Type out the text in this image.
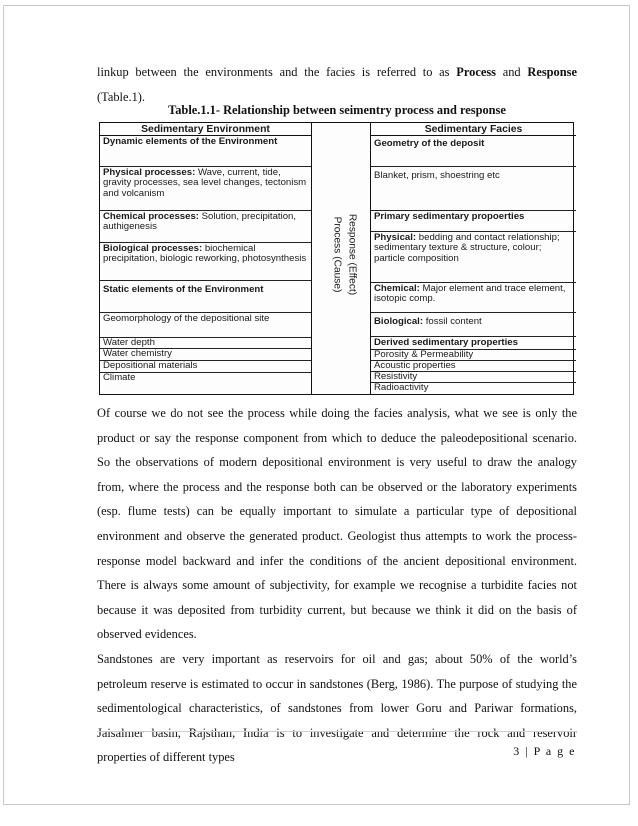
linkup between the environments and the facies is referred to as Process and Response
(Table.1).
Table.1.1- Relationship between seimentry process and response
Sedimentary Environment
Dynamic elements of the Environment
Physical processes: Wave, current, tide, gravity processes, sea level changes, tectonism and volcanism
Chemical processes: Solution, precipitation, authigenesis
Biological processes: biochemical precipitation, biologic reworking, photosynthesis
Static elements of the Environment
Geomorphology of the depositional site
Water depth
Water chemistry
Depositional materials
Climate
Process (Cause) Response (Effect)
Sedimentary Facies
Geometry of the deposit
Blanket, prism, shoestring etc
Primary sedimentary propoerties
Physical: bedding and contact relationship; sedimentary texture & structure, colour; particle composition
Chemical: Major element and trace element, isotopic comp.
Biological: fossil content
Derived sedimentary properties
Porosity & Permeability
Acoustic properties
Resistivity
Radioactivity
Of course we do not see the process while doing the facies analysis, what we see is only the
product or say the response component from which to deduce the paleodepositional scenario.
So the observations of modern depositional environment is very useful to draw the analogy
from, where the process and the response both can be observed or the laboratory experiments
(esp. flume tests) can be equally important to simulate a particular type of depositional
environment and observe the generated product. Geologist thus attempts to work the process-
response model backward and infer the conditions of the ancient depositional environment.
There is always some amount of subjectivity, for example we recognise a turbidite facies not
because it was deposited from turbidity current, but because we think it did on the basis of
observed evidences.
Sandstones are very important as reservoirs for oil and gas; about 50% of the world’s
petroleum reserve is estimated to occur in sandstones (Berg, 1986). The purpose of studying the
sedimentological characteristics, of sandstones from lower Goru and Pariwar formations,
Jaisalmer basin, Rajsthan, India is to investigate and determine the rock and reservoir
properties of different types	3 | P a g e
